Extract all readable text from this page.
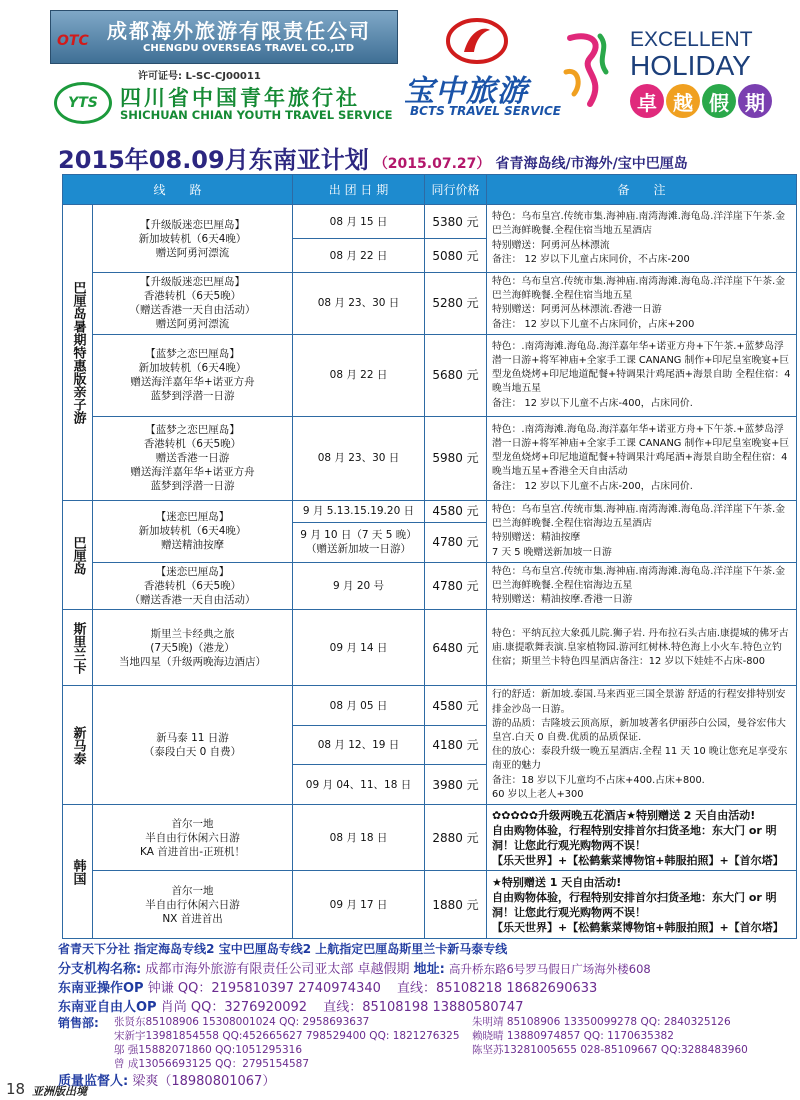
OTC 成都海外旅游有限责任公司
CHENGDU OVERSEAS TRAVEL CO.,LTD
许可证号: L-SC-CJ00011
YTS	四川省中国青年旅行社
SHICHUAN CHIAN YOUTH TRAVEL SERVICE
宝中旅游
BCTS TRAVEL SERVICE
EXCELLENT
HOLIDAY
卓 越 假 期
2015年08.09月东南亚计划 （2015.07.27） 省青海岛线/市海外/宝中巴厘岛
线　　路		出 团 日 期	同行价格	备　　注
巴厘岛暑期特惠版亲子游	【升级版迷恋巴厘岛】
新加坡转机（6天4晚）
赠送阿勇河漂流	08 月 15 日	5380 元	特色：乌布皇宫.传统市集.海神庙.南湾海滩.海龟岛.洋洋崖下午茶.金巴兰海鲜晚餐.全程住宿当地五星酒店
特别赠送：阿勇河丛林漂流
备注： 12 岁以下儿童占床同价，不占床-200
		08 月 22 日	5080 元	
	【升级版迷恋巴厘岛】
香港转机（6天5晚）
（赠送香港一天自由活动）
赠送阿勇河漂流	08 月 23、30 日	5280 元	特色：乌布皇宫.传统市集.海神庙.南湾海滩.海龟岛.洋洋崖下午茶.金巴兰海鲜晚餐.全程住宿当地五星
特别赠送：阿勇河丛林漂流.香港一日游
备注： 12 岁以下儿童不占床同价，占床+200
	【蓝梦之恋巴厘岛】
新加坡转机（6天4晚）
赠送海洋嘉年华+诺亚方舟
蓝梦到浮潜一日游	08 月 22 日	5680 元	特色：.南湾海滩.海龟岛.海洋嘉年华+诺亚方舟+下午茶.+蓝梦岛浮潜一日游+将军神庙+全家手工课 CANANG 制作+印尼皇室晚宴+巨型龙鱼烧烤+印尼地道配餐+特调果汁鸡尾酒+海景自助 全程住宿：4 晚当地五星
备注： 12 岁以下儿童不占床-400，占床同价.
	【蓝梦之恋巴厘岛】
香港转机（6天5晚）
赠送香港一日游
赠送海洋嘉年华+诺亚方舟
蓝梦到浮潜一日游	08 月 23、30 日	5980 元	特色：.南湾海滩.海龟岛.海洋嘉年华+诺亚方舟+下午茶.+蓝梦岛浮潜一日游+将军神庙+全家手工课 CANANG 制作+印尼皇室晚宴+巨型龙鱼烧烤+印尼地道配餐+特调果汁鸡尾酒+海景自助全程住宿：4 晚当地五星+香港全天自由活动
备注： 12 岁以下儿童不占床-200，占床同价.
巴厘岛	【迷恋巴厘岛】
新加坡转机（6天4晚）
赠送精油按摩	9 月 5.13.15.19.20 日	4580 元	特色：乌布皇宫.传统市集.海神庙.南湾海滩.海龟岛.洋洋崖下午茶.金巴兰海鲜晚餐.全程住宿海边五星酒店
特别赠送：精油按摩
7 天 5 晚赠送新加坡一日游
		9 月 10 日（7 天 5 晚）
（赠送新加坡一日游）	4780 元	
	【迷恋巴厘岛】
香港转机（6天5晚）
（赠送香港一天自由活动）	9 月 20 号	4780 元	特色：乌布皇宫.传统市集.海神庙.南湾海滩.海龟岛.洋洋崖下午茶.金巴兰海鲜晚餐.全程住宿海边五星
特别赠送：精油按摩.香港一日游
斯里兰卡	斯里兰卡经典之旅
(7天5晚)（港龙）
当地四星（升级两晚海边酒店）	09 月 14 日	6480 元	特色：平纳瓦拉大象孤儿院.狮子岩. 丹布拉石头古庙.康提城的佛牙古庙.康提歌舞表演.皇家植物园.游河红树林.特色海上小火车.特色立钓住宿；斯里兰卡特色四星酒店备注：12 岁以下娃娃不占床-800
新马泰	新马泰 11 日游
（泰段白天 0 自费）	08 月 05 日	4580 元	行的舒适：新加坡.泰国.马来西亚三国全景游 舒适的行程安排特别安排金沙岛一日游。
游的品质：吉隆坡云顶高原，新加坡著名伊丽莎白公园，曼谷宏伟大皇宫.白天 0 自费.优质的品质保证.
住的放心：泰段升级一晚五星酒店.全程 11 天 10 晚让您充足享受东南亚的魅力
备注：18 岁以下儿童均不占床+400.占床+800.
60 岁以上老人+300
		08 月 12、19 日	4180 元	
		09 月 04、11、18 日	3980 元	
韩国	首尔一地
半自由行休闲六日游
KA 首进首出-正班机！	08 月 18 日	2880 元	✿✿✿✿✿升级两晚五花酒店★特别赠送 2 天自由活动!
自由购物体验，行程特别安排首尔扫货圣地：东大门 or 明洞！让您此行观光购物两不误！
【乐天世界】+【松鹤紫菜博物馆+韩服拍照】+【首尔塔】
	首尔一地
半自由行休闲六日游
NX 首进首出	09 月 17 日	1880 元	★特别赠送 1 天自由活动!
自由购物体验，行程特别安排首尔扫货圣地：东大门 or 明洞！让您此行观光购物两不误！
【乐天世界】+【松鹤紫菜博物馆+韩服拍照】+【首尔塔】
省青天下分社 指定海岛专线2 宝中巴厘岛专线2 上航指定巴厘岛斯里兰卡新马泰专线
分支机构名称: 成都市海外旅游有限责任公司亚太部 卓越假期 地址: 高升桥东路6号罗马假日广场海外楼608
东南亚操作OP 钟谦 QQ：2195810397 2740974340 直线：85108218 18682690633
东南亚自由人OP 肖尚 QQ：3276920092 直线：85108198 13880580747
销售部: 张贤东85108906 15308001024 QQ: 2958693637	朱明靖 85108906 13350099278 QQ: 2840325126
宋新宇13981854558 QQ:452665627 798529400 QQ: 1821276325 赖晓晴 13880974857 QQ: 1170635382
邬 强15882071860 QQ:1051295316	陈坚苏13281005655 028-85109667 QQ:3288483960
曾 成13056693125 QQ：2795154587
质量监督人: 梁爽（18980801067）
18 亚洲版出境
